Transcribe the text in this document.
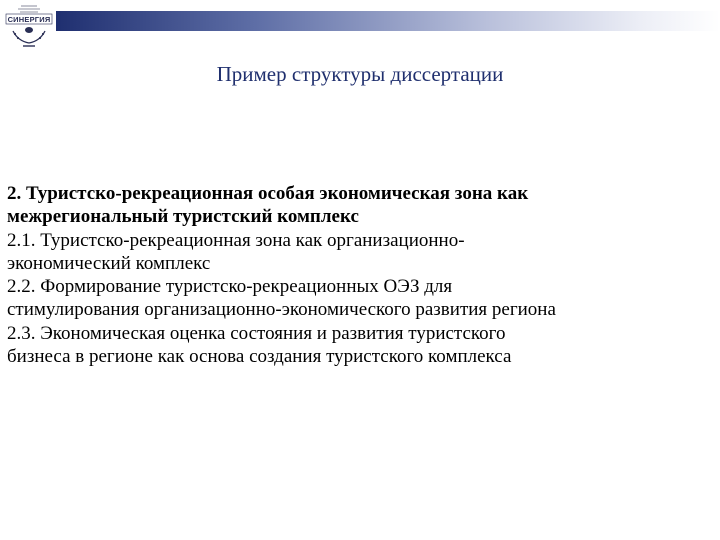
СИНЕРГИЯ
Пример структуры диссертации

2. Туристско-рекреационная особая экономическая зона как

межрегиональный туристский комплекс

2.1. Туристско-рекреационная зона как организационно-

экономический комплекс

2.2. Формирование туристско-рекреационных ОЭЗ для

стимулирования организационно-экономического развития региона

2.3. Экономическая оценка состояния и развития туристского

бизнеса в регионе как основа создания туристского комплекса
